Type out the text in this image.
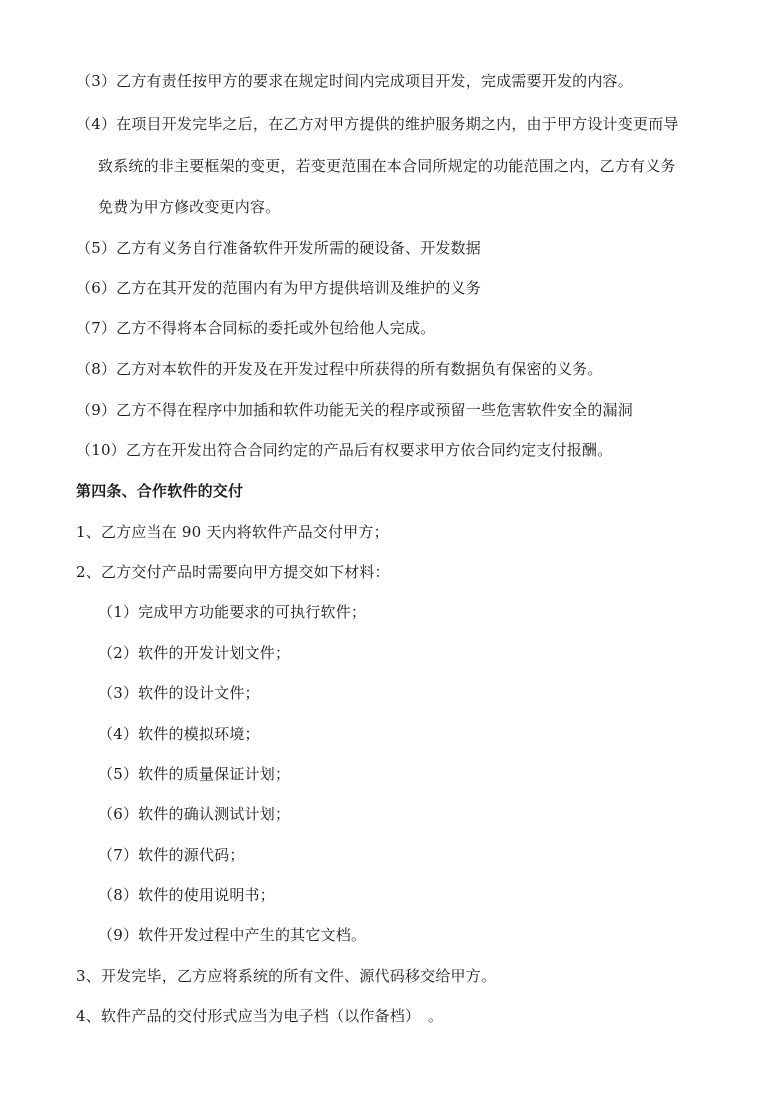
（3）乙方有责任按甲方的要求在规定时间内完成项目开发，完成需要开发的内容。
（4）在项目开发完毕之后，在乙方对甲方提供的维护服务期之内，由于甲方设计变更而导
致系统的非主要框架的变更，若变更范围在本合同所规定的功能范围之内，乙方有义务
免费为甲方修改变更内容。
（5）乙方有义务自行准备软件开发所需的硬设备、开发数据
（6）乙方在其开发的范围内有为甲方提供培训及维护的义务
（7）乙方不得将本合同标的委托或外包给他人完成。
（8）乙方对本软件的开发及在开发过程中所获得的所有数据负有保密的义务。
（9）乙方不得在程序中加插和软件功能无关的程序或预留一些危害软件安全的漏洞
（10）乙方在开发出符合合同约定的产品后有权要求甲方依合同约定支付报酬。
第四条、合作软件的交付
1、乙方应当在 90 天内将软件产品交付甲方；
2、乙方交付产品时需要向甲方提交如下材料：
（1）完成甲方功能要求的可执行软件；
（2）软件的开发计划文件；
（3）软件的设计文件；
（4）软件的模拟环境；
（5）软件的质量保证计划；
（6）软件的确认测试计划；
（7）软件的源代码；
（8）软件的使用说明书；
（9）软件开发过程中产生的其它文档。
3、开发完毕，乙方应将系统的所有文件、源代码移交给甲方。
4、软件产品的交付形式应当为电子档（以作备档）　。
